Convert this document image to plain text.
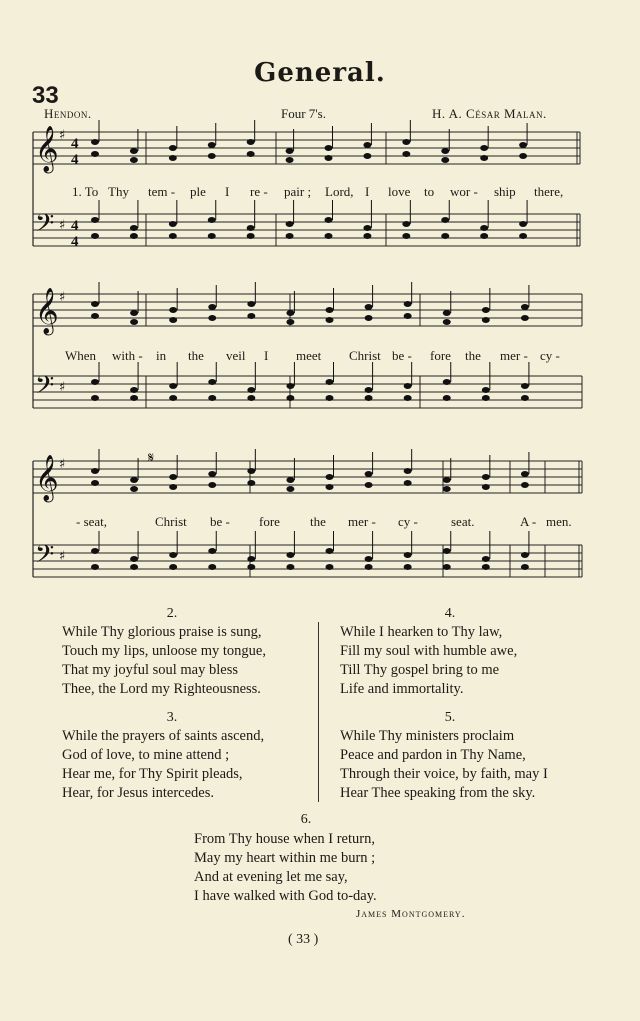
General.
33
Hendon.	Four 7's.	H. A. César Malan.
𝄞 ♯
4
4
𝄢 ♯ 4
4
𝄞 ♯
𝄢 ♯
𝄞 ♯
𝄢 ♯
𝄋
1. To Thy tem - ple I re - pair ; Lord, I love to wor - ship there,
When with - in the veil I meet Christ be - fore the mer - cy -
- seat,	Christ be - fore the mer - cy -	seat.	A - men.
2.
While Thy glorious praise is sung,
Touch my lips, unloose my tongue,
That my joyful soul may bless
Thee, the Lord my Righteousness.
3.
While the prayers of saints ascend,
God of love, to mine attend ;
Hear me, for Thy Spirit pleads,
Hear, for Jesus intercedes.
4.
While I hearken to Thy law,
Fill my soul with humble awe,
Till Thy gospel bring to me
Life and immortality.
5.
While Thy ministers proclaim
Peace and pardon in Thy Name,
Through their voice, by faith, may I
Hear Thee speaking from the sky.
6.
From Thy house when I return,
May my heart within me burn ;
And at evening let me say,
I have walked with God to-day.
James Montgomery.
( 33 )
